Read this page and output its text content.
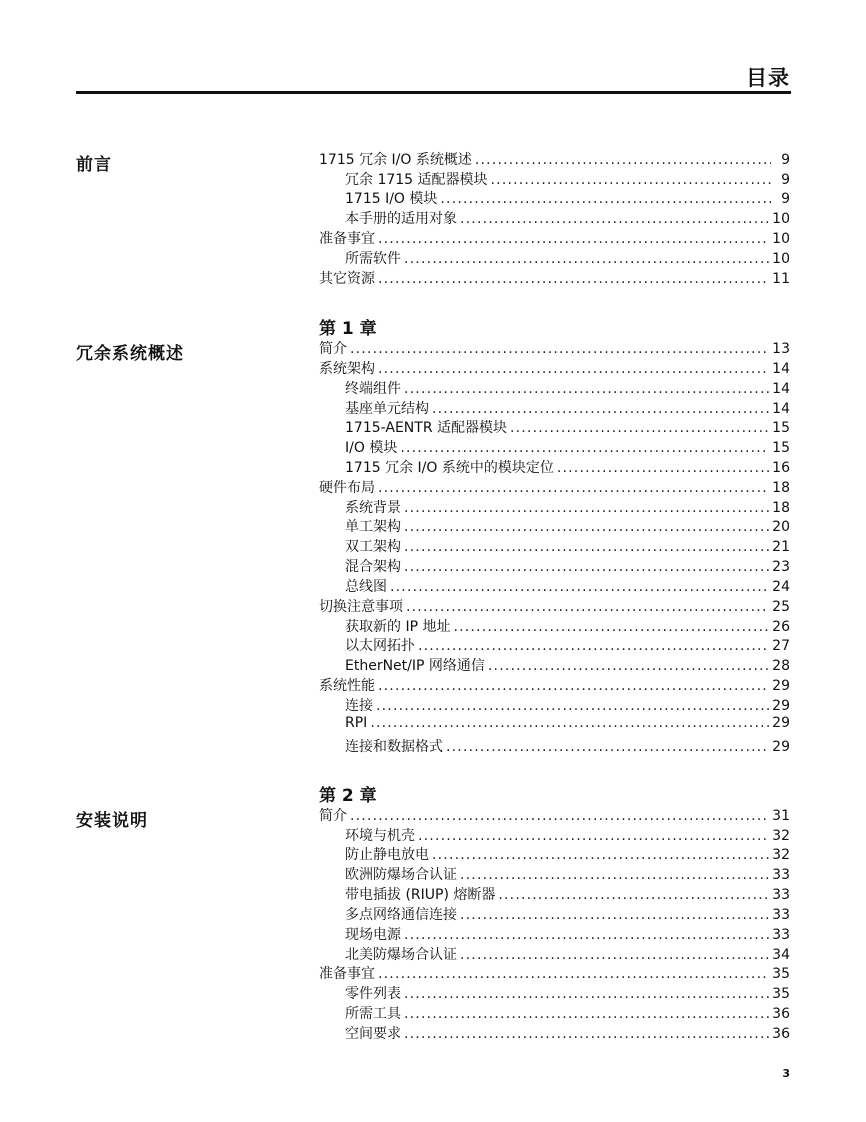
目录
前言	1715 冗余 I/O 系统概述 .....	9
冗余 1715 适配器模块 .....	9
1715 I/O 模块 .....	9
本手册的适用对象 .....	10
准备事宜 .....	10
所需软件 .....	10
其它资源 .....	11
第 1 章
冗余系统概述	简介 .....	13
系统架构 .....	14
终端组件 .....	14
基座单元结构 .....	14
1715-AENTR 适配器模块 .....	15
I/O 模块 .....	15
1715 冗余 I/O 系统中的模块定位 .....	16
硬件布局 .....	18
系统背景 .....	18
单工架构 .....	20
双工架构 .....	21
混合架构 .....	23
总线图 .....	24
切换注意事项 .....	25
获取新的 IP 地址 .....	26
以太网拓扑 .....	27
EtherNet/IP 网络通信 .....	28
系统性能 .....	29
连接 .....	29
RPI .....	29
连接和数据格式 .....	29
第 2 章
安装说明	简介 .....	31
环境与机壳 .....	32
防止静电放电 .....	32
欧洲防爆场合认证 .....	33
带电插拔 (RIUP) 熔断器 .....	33
多点网络通信连接 .....	33
现场电源 .....	33
北美防爆场合认证 .....	34
准备事宜 .....	35
零件列表 .....	35
所需工具 .....	36
空间要求 .....	36
3
